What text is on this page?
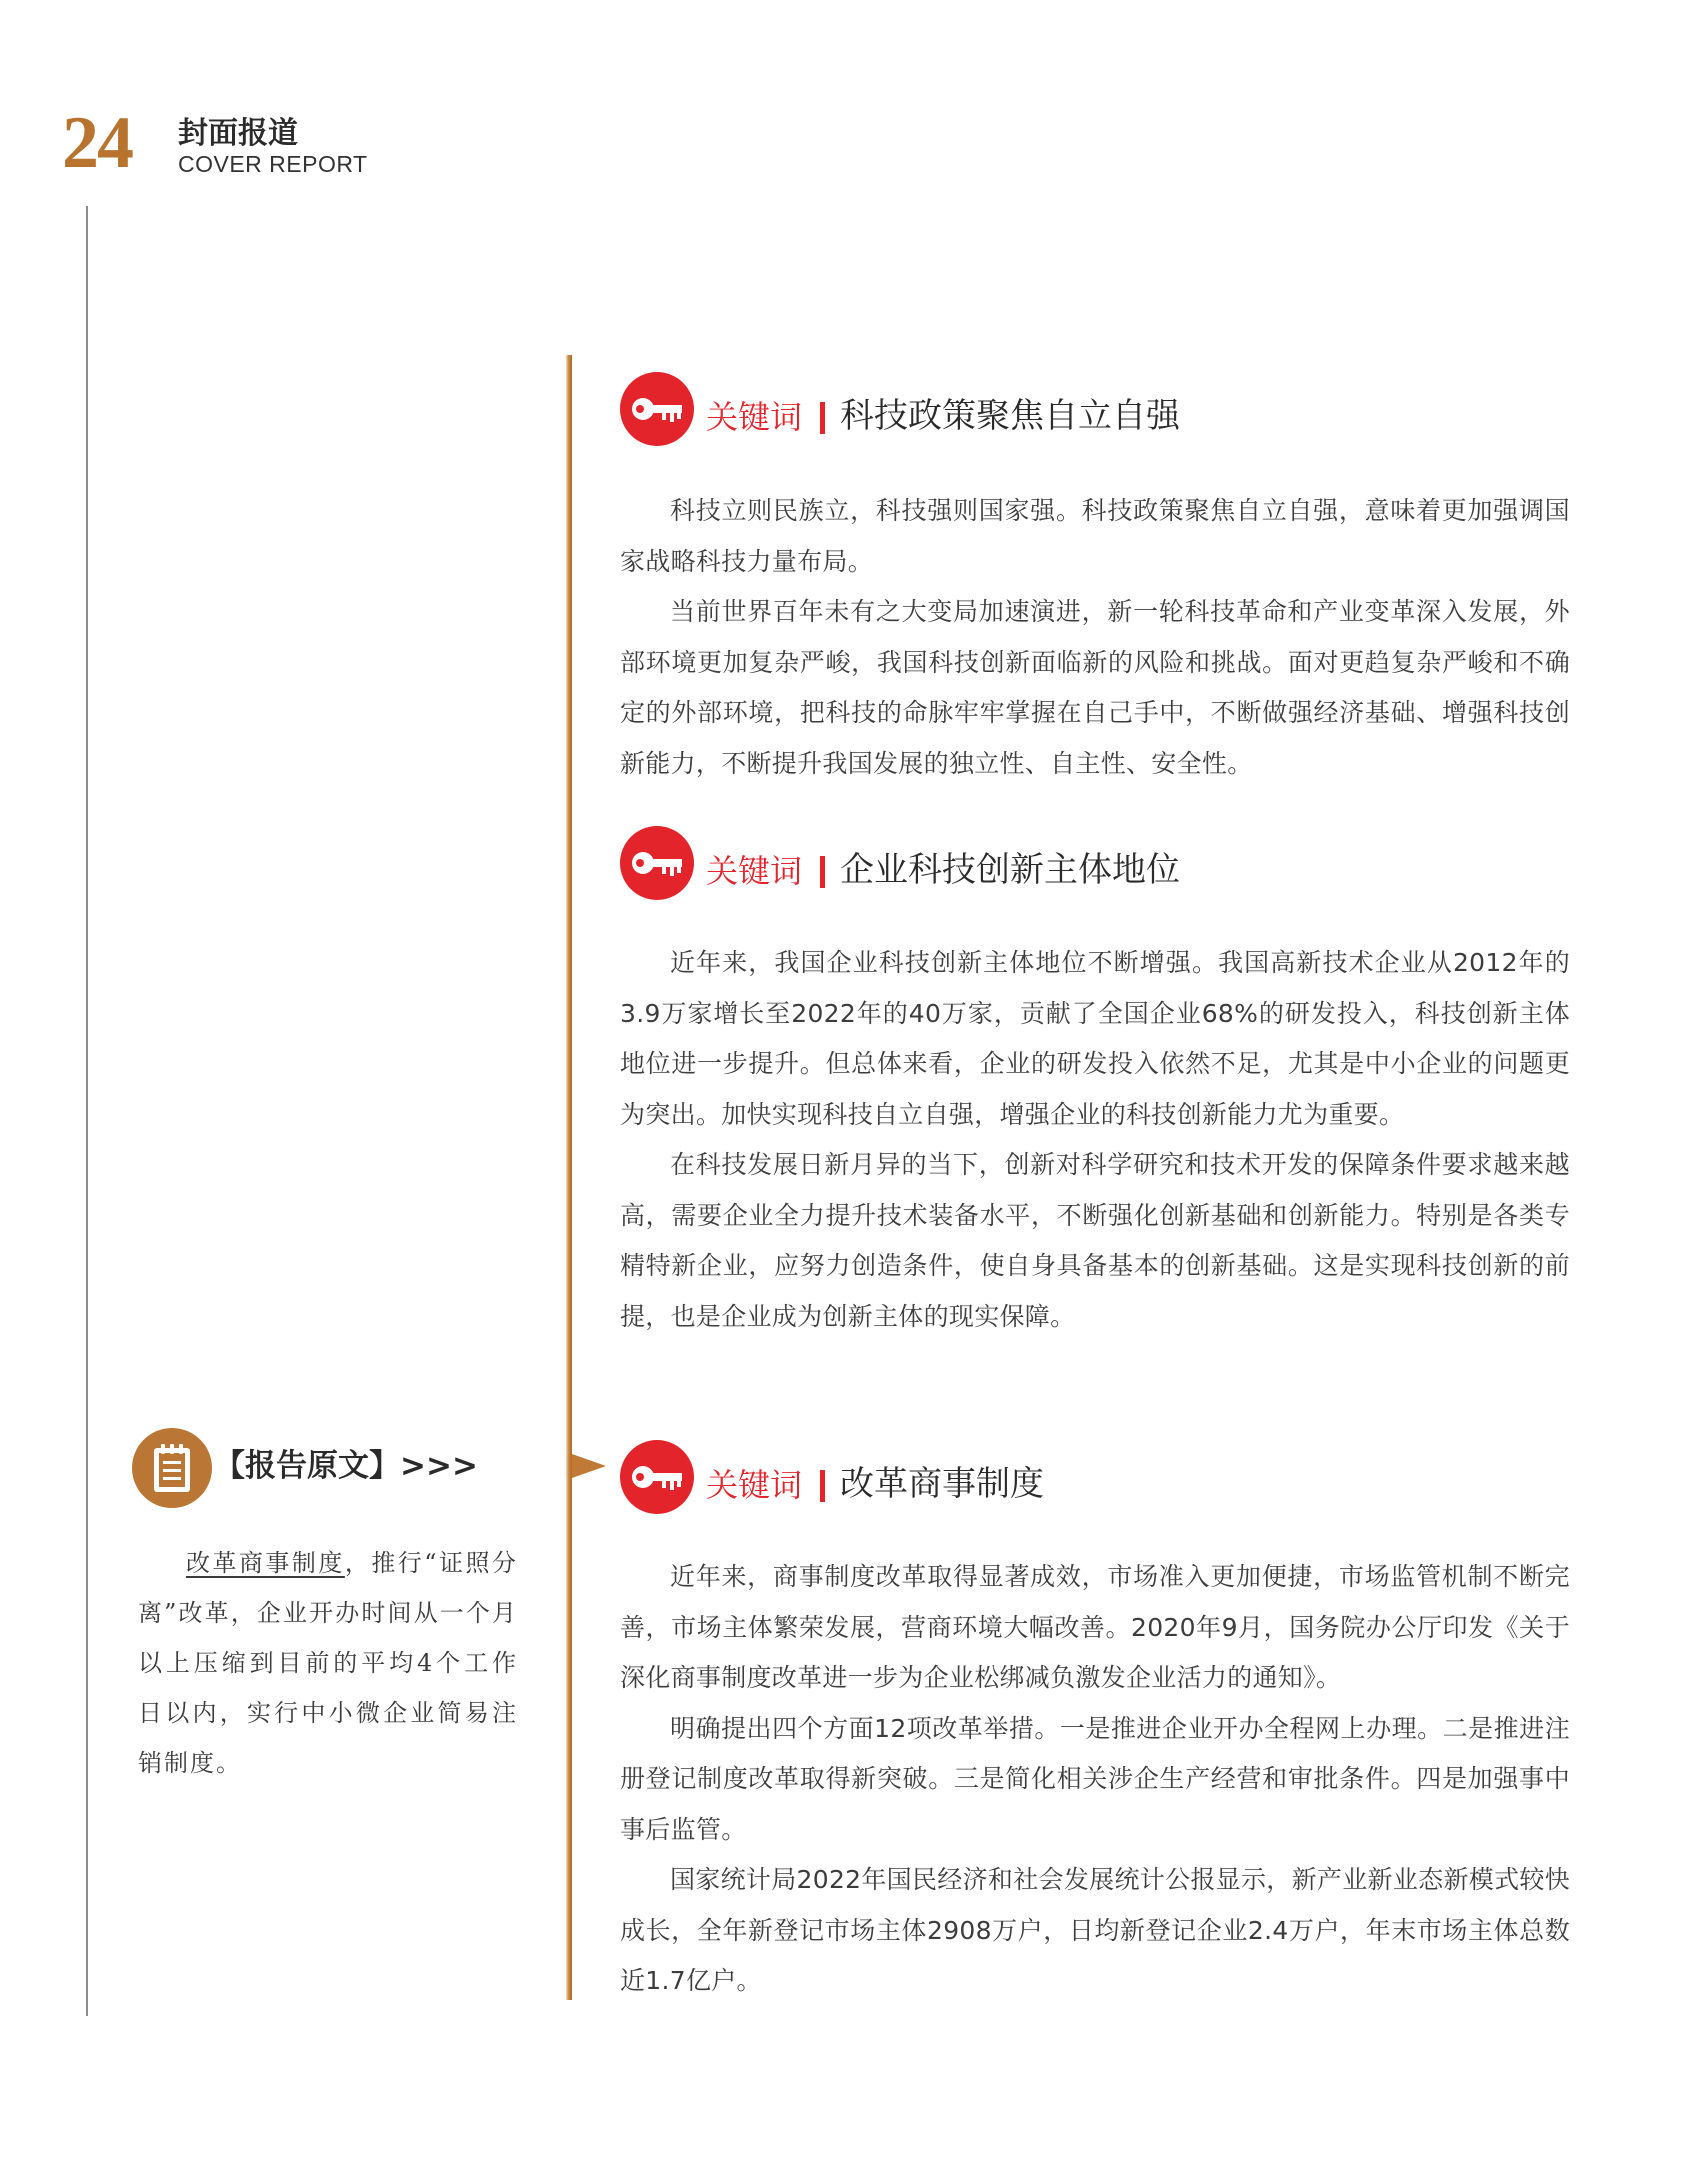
24 封面报道
COVER REPORT
关键词 科技政策聚焦自立自强

科技立则民族立，科技强则国家强。科技政策聚焦自立自强，意味着更加强调国家战略科技力量布局。

当前世界百年未有之大变局加速演进，新一轮科技革命和产业变革深入发展，外部环境更加复杂严峻，我国科技创新面临新的风险和挑战。面对更趋复杂严峻和不确定的外部环境，把科技的命脉牢牢掌握在自己手中，不断做强经济基础、增强科技创新能力，不断提升我国发展的独立性、自主性、安全性。

关键词 企业科技创新主体地位

近年来，我国企业科技创新主体地位不断增强。我国高新技术企业从2012年的3.9万家增长至2022年的40万家，贡献了全国企业68%的研发投入，科技创新主体地位进一步提升。但总体来看，企业的研发投入依然不足，尤其是中小企业的问题更为突出。加快实现科技自立自强，增强企业的科技创新能力尤为重要。

在科技发展日新月异的当下，创新对科学研究和技术开发的保障条件要求越来越高，需要企业全力提升技术装备水平，不断强化创新基础和创新能力。特别是各类专精特新企业，应努力创造条件，使自身具备基本的创新基础。这是实现科技创新的前提，也是企业成为创新主体的现实保障。

关键词 改革商事制度

近年来，商事制度改革取得显著成效，市场准入更加便捷，市场监管机制不断完善，市场主体繁荣发展，营商环境大幅改善。2020年9月，国务院办公厅印发《关于深化商事制度改革进一步为企业松绑减负激发企业活力的通知》。

明确提出四个方面12项改革举措。一是推进企业开办全程网上办理。二是推进注册登记制度改革取得新突破。三是简化相关涉企生产经营和审批条件。四是加强事中事后监管。

国家统计局2022年国民经济和社会发展统计公报显示，新产业新业态新模式较快成长，全年新登记市场主体2908万户，日均新登记企业2.4万户，年末市场主体总数近1.7亿户。

【报告原文】>>>
改革商事制度，推行“证照分离”改革，企业开办时间从一个月以上压缩到目前的平均4个工作日以内，实行中小微企业简易注销制度。
